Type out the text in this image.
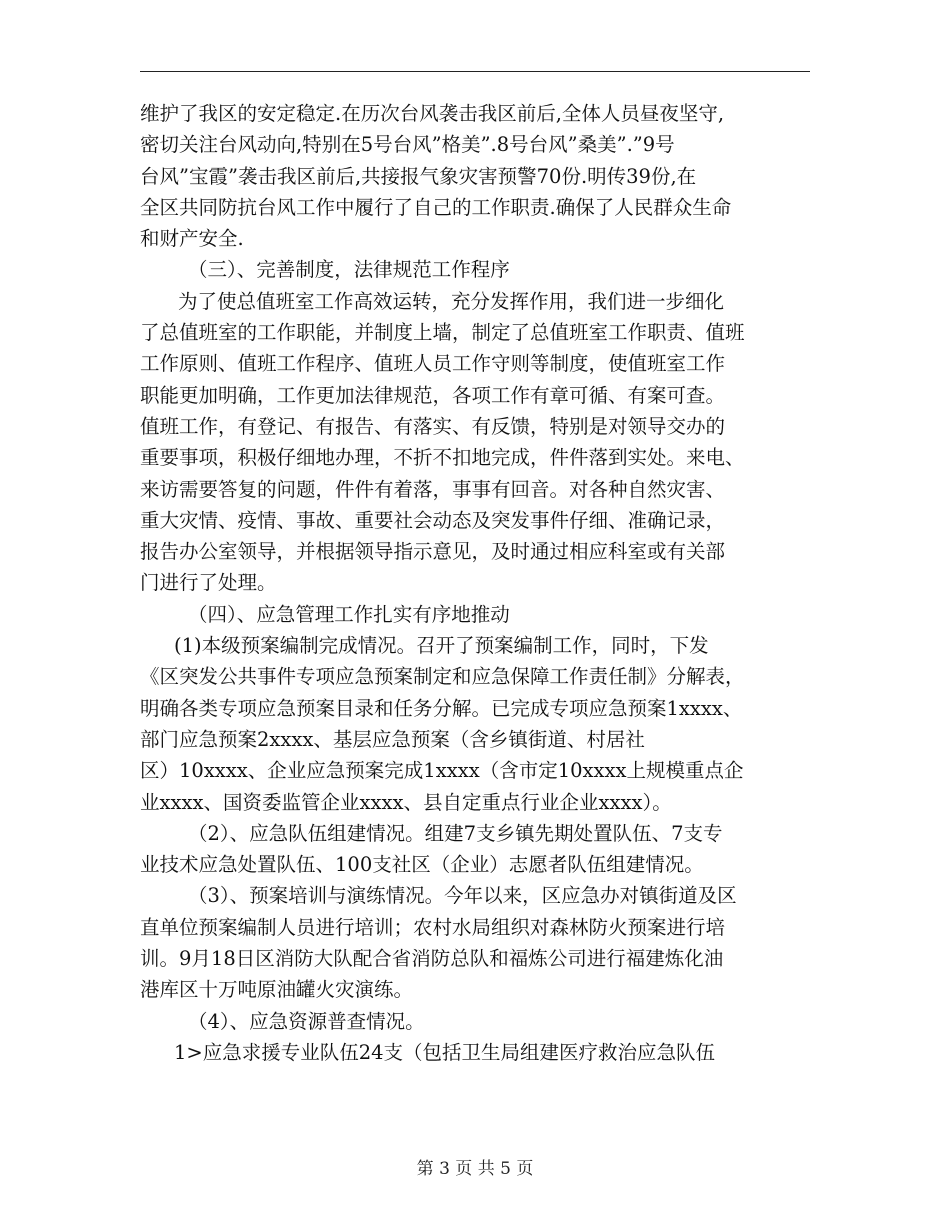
维护了我区的安定稳定.在历次台风袭击我区前后,全体人员昼夜坚守,
密切关注台风动向,特别在5号台风”格美”.8号台风”桑美”.”9号
台风”宝霞”袭击我区前后,共接报气象灾害预警70份.明传39份,在
全区共同防抗台风工作中履行了自己的工作职责.确保了人民群众生命
和财产安全.
（三）、完善制度，法律规范工作程序
为了使总值班室工作高效运转，充分发挥作用，我们进一步细化
了总值班室的工作职能，并制度上墙，制定了总值班室工作职责、值班
工作原则、值班工作程序、值班人员工作守则等制度，使值班室工作
职能更加明确，工作更加法律规范，各项工作有章可循、有案可查。
值班工作，有登记、有报告、有落实、有反馈，特别是对领导交办的
重要事项，积极仔细地办理，不折不扣地完成，件件落到实处。来电、
来访需要答复的问题，件件有着落，事事有回音。对各种自然灾害、
重大灾情、疫情、事故、重要社会动态及突发事件仔细、准确记录，
报告办公室领导，并根据领导指示意见，及时通过相应科室或有关部
门进行了处理。
（四）、应急管理工作扎实有序地推动
(1)本级预案编制完成情况。召开了预案编制工作，同时，下发
《区突发公共事件专项应急预案制定和应急保障工作责任制》分解表，
明确各类专项应急预案目录和任务分解。已完成专项应急预案1xxxx、
部门应急预案2xxxx、基层应急预案（含乡镇街道、村居社
区）10xxxx、企业应急预案完成1xxxx（含市定10xxxx上规模重点企
业xxxx、国资委监管企业xxxx、县自定重点行业企业xxxx）。
（2）、应急队伍组建情况。组建7支乡镇先期处置队伍、7支专
业技术应急处置队伍、100支社区（企业）志愿者队伍组建情况。
（3）、预案培训与演练情况。今年以来，区应急办对镇街道及区
直单位预案编制人员进行培训；农村水局组织对森林防火预案进行培
训。9月18日区消防大队配合省消防总队和福炼公司进行福建炼化油
港库区十万吨原油罐火灾演练。
（4）、应急资源普查情况。
1>应急求援专业队伍24支（包括卫生局组建医疗救治应急队伍
第 3 页 共 5 页
